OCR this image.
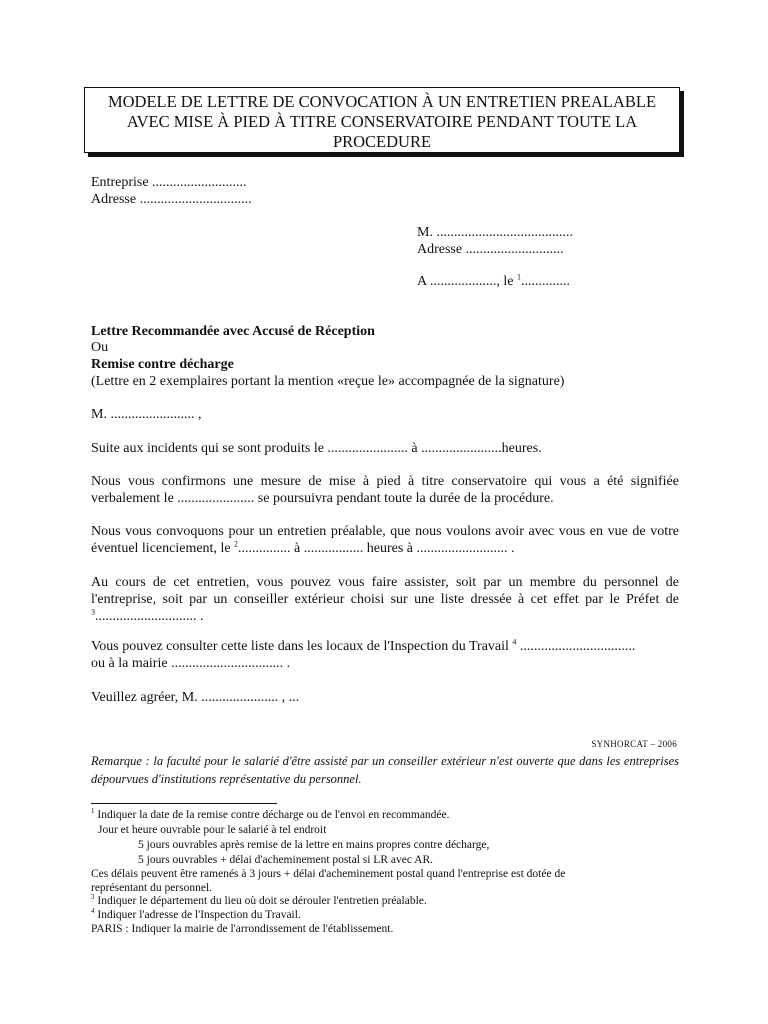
MODELE DE LETTRE DE CONVOCATION À UN ENTRETIEN PREALABLE
AVEC MISE À PIED À TITRE CONSERVATOIRE PENDANT TOUTE LA
PROCEDURE
Entreprise ...........................
Adresse ................................
M. .......................................
Adresse ............................
A ..................., le $^1$..............
Lettre Recommandée avec Accusé de Réception
Ou
Remise contre décharge
(Lettre en 2 exemplaires portant la mention «reçue le» accompagnée de la signature)
M. ........................ ,
Suite aux incidents qui se sont produits le ....................... à .......................heures.
Nous vous confirmons une mesure de mise à pied à titre conservatoire qui vous a été signifiée verbalement le ...................... se poursuivra pendant toute la durée de la procédure.
Nous vous convoquons pour un entretien préalable, que nous voulons avoir avec vous en vue de votre éventuel licenciement, le $^2$............... à ................. heures à .......................... .
Au cours de cet entretien, vous pouvez vous faire assister, soit par un membre du personnel de l'entreprise, soit par un conseiller extérieur choisi sur une liste dressée à cet effet par le Préfet de $^3$............................. .
Vous pouvez consulter cette liste dans les locaux de l'Inspection du Travail $^4$ .................................
ou à la mairie ................................ .
Veuillez agréer, M. ...................... , ...
SYNHORCAT – 2006
Remarque : la faculté pour le salarié d'être assisté par un conseiller extérieur n'est ouverte que dans les entreprises dépourvues d'institutions représentative du personnel.
$^1$ Indiquer la date de la remise contre décharge ou de l'envoi en recommandée.
Jour et heure ouvrable pour le salarié à tel endroit
5 jours ouvrables après remise de la lettre en mains propres contre décharge,
5 jours ouvrables + délai d'acheminement postal si LR avec AR.
Ces délais peuvent être ramenés à 3 jours + délai d'acheminement postal quand l'entreprise est dotée de
représentant du personnel.
$^3$ Indiquer le département du lieu où doit se dérouler l'entretien préalable.
$^4$ Indiquer l'adresse de l'Inspection du Travail.
PARIS : Indiquer la mairie de l'arrondissement de l'établissement.
